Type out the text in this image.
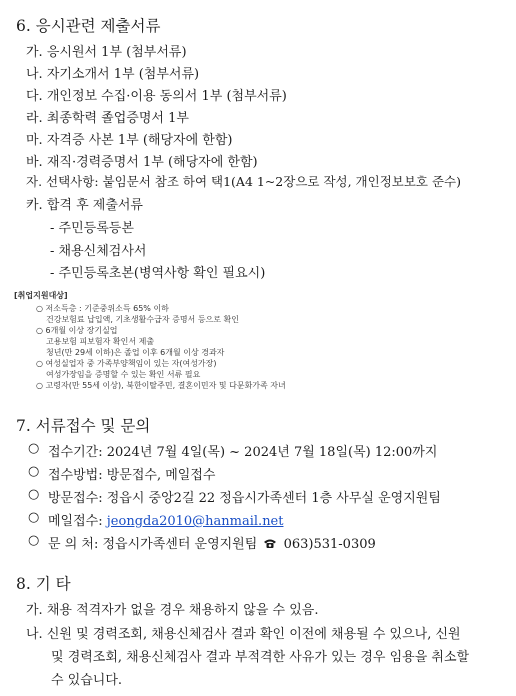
6. 응시관련 제출서류
가. 응시원서 1부 (첨부서류)
나. 자기소개서 1부 (첨부서류)
다. 개인정보 수집·이용 동의서 1부 (첨부서류)
라. 최종학력 졸업증명서 1부
마. 자격증 사본 1부 (해당자에 한함)
바. 재직·경력증명서 1부 (해당자에 한함)
자. 선택사항: 붙임문서 참조 하여 택1(A4 1~2장으로 작성, 개인정보보호 준수)
카. 합격 후 제출서류
- 주민등록등본
- 채용신체검사서
- 주민등록초본(병역사항 확인 필요시)
[취업지원대상]
○ 저소득층 : 기준중위소득 65% 이하
건강보험료 납입액, 기초생활수급자 증명서 등으로 확인
○ 6개월 이상 장기실업
고용보험 피보험자 확인서 제출
청년(만 29세 이하)은 졸업 이후 6개월 이상 경과자
○ 여성실업자 중 가족부양책임이 있는 자(여성가장)
여성가장임을 증명할 수 있는 확인 서류 필요
○ 고령자(만 55세 이상), 북한이탈주민, 결혼이민자 및 다문화가족 자녀
7. 서류접수 및 문의
○ 접수기간: 2024년 7월 4일(목) ~ 2024년 7월 18일(목) 12:00까지
○ 접수방법: 방문접수, 메일접수
○ 방문접수: 정읍시 중앙2길 22 정읍시가족센터 1층 사무실 운영지원팀
○ 메일접수: jeongda2010@hanmail.net
○ 문 의 처: 정읍시가족센터 운영지원팀 063)531-0309
8. 기 타
가. 채용 적격자가 없을 경우 채용하지 않을 수 있음.
나. 신원 및 경력조회, 채용신체검사 결과 확인 이전에 채용될 수 있으나, 신원
및 경력조회, 채용신체검사 결과 부적격한 사유가 있는 경우 임용을 취소할
수 있습니다.
